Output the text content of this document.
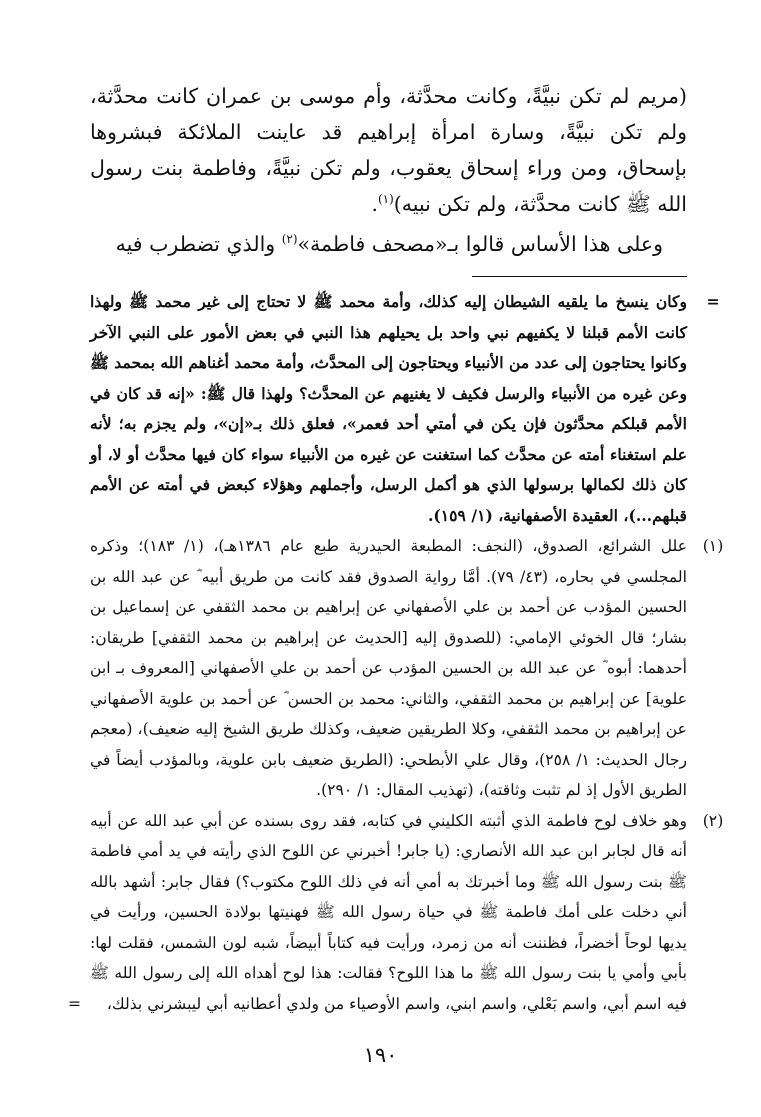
(مريم لم تكن نبيَّةً، وكانت محدَّثة، وأم موسى بن عمران كانت محدَّثة، ولم تكن نبيَّةً، وسارة امرأة إبراهيم قد عاينت الملائكة فبشروها بإسحاق، ومن وراء إسحاق يعقوب، ولم تكن نبيَّةً، وفاطمة بنت رسول الله ﷺ كانت محدَّثة، ولم تكن نبيه)$^{(١)}$.

وعلى هذا الأساس قالوا بـ«مصحف فاطمة»$^{(٢)}$ والذي تضطرب فيه

=
وكان ينسخ ما يلقيه الشيطان إليه كذلك، وأمة محمد ﷺ لا تحتاج إلى غير محمد ﷺ ولهذا كانت الأمم قبلنا لا يكفيهم نبي واحد بل يحيلهم هذا النبي في بعض الأمور على النبي الآخر وكانوا يحتاجون إلى عدد من الأنبياء ويحتاجون إلى المحدَّث، وأمة محمد أغناهم الله بمحمد ﷺ وعن غيره من الأنبياء والرسل فكيف لا يغنيهم عن المحدَّث؟ ولهذا قال ﷺ: «إنه قد كان في الأمم قبلكم محدَّثون فإن يكن في أمتي أحد فعمر»، فعلق ذلك بـ«إن»، ولم يجزم به؛ لأنه علم استغناء أمته عن محدَّث كما استغنت عن غيره من الأنبياء سواء كان فيها محدَّث أو لا، أو كان ذلك لكمالها برسولها الذي هو أكمل الرسل، وأجملهم وهؤلاء كبعض في أمته عن الأمم قبلهم...)، العقيدة الأصفهانية، (١/ ١٥٩).
(١)
علل الشرائع، الصدوق، (النجف: المطبعة الحيدرية طبع عام ١٣٨٦هـ)، (١/ ١٨٣)؛ وذكره المجلسي في بحاره، (٤٣/ ٧٩). أمَّا رواية الصدوق فقد كانت من طريق أبيه ؓ عن عبد الله بن الحسين المؤدب عن أحمد بن علي الأصفهاني عن إبراهيم بن محمد الثقفي عن إسماعيل بن بشار؛ قال الخوئي الإمامي: (للصدوق إليه [الحديث عن إبراهيم بن محمد الثقفي] طريقان: أحدهما: أبوه ؓ عن عبد الله بن الحسين المؤدب عن أحمد بن علي الأصفهاني [المعروف بـ ابن علوية] عن إبراهيم بن محمد الثقفي، والثاني: محمد بن الحسن ؓ عن أحمد بن علوية الأصفهاني عن إبراهيم بن محمد الثقفي، وكلا الطريقين ضعيف، وكذلك طريق الشيخ إليه ضعيف)، (معجم رجال الحديث: ١/ ٢٥٨)، وقال علي الأبطحي: (الطريق ضعيف بابن علوية، وبالمؤدب أيضاً في الطريق الأول إذ لم تثبت وثاقته)، (تهذيب المقال: ١/ ٢٩٠).
(٢)
وهو خلاف لوح فاطمة الذي أثبته الكليني في كتابه، فقد روى بسنده عن أبي عبد الله عن أبيه أنه قال لجابر ابن عبد الله الأنصاري: (يا جابر! أخبرني عن اللوح الذي رأيته في يد أمي فاطمة ﷺ بنت رسول الله ﷺ وما أخبرتك به أمي أنه في ذلك اللوح مكتوب؟) فقال جابر: أشهد بالله أني دخلت على أمك فاطمة ﷺ في حياة رسول الله ﷺ فهنيتها بولادة الحسين، ورأيت في يديها لوحاً أخضراً، فظننت أنه من زمرد، ورأيت فيه كتاباً أبيضاً، شبه لون الشمس، فقلت لها: بأبي وأمي يا بنت رسول الله ﷺ ما هذا اللوح؟ فقالت: هذا لوح أهداه الله إلى رسول الله ﷺ فيه اسم أبي، واسم بَعْلي، واسم ابني، واسم الأوصياء من ولدي أعطانيه أبي ليبشرني بذلك،
=
١٩٠
